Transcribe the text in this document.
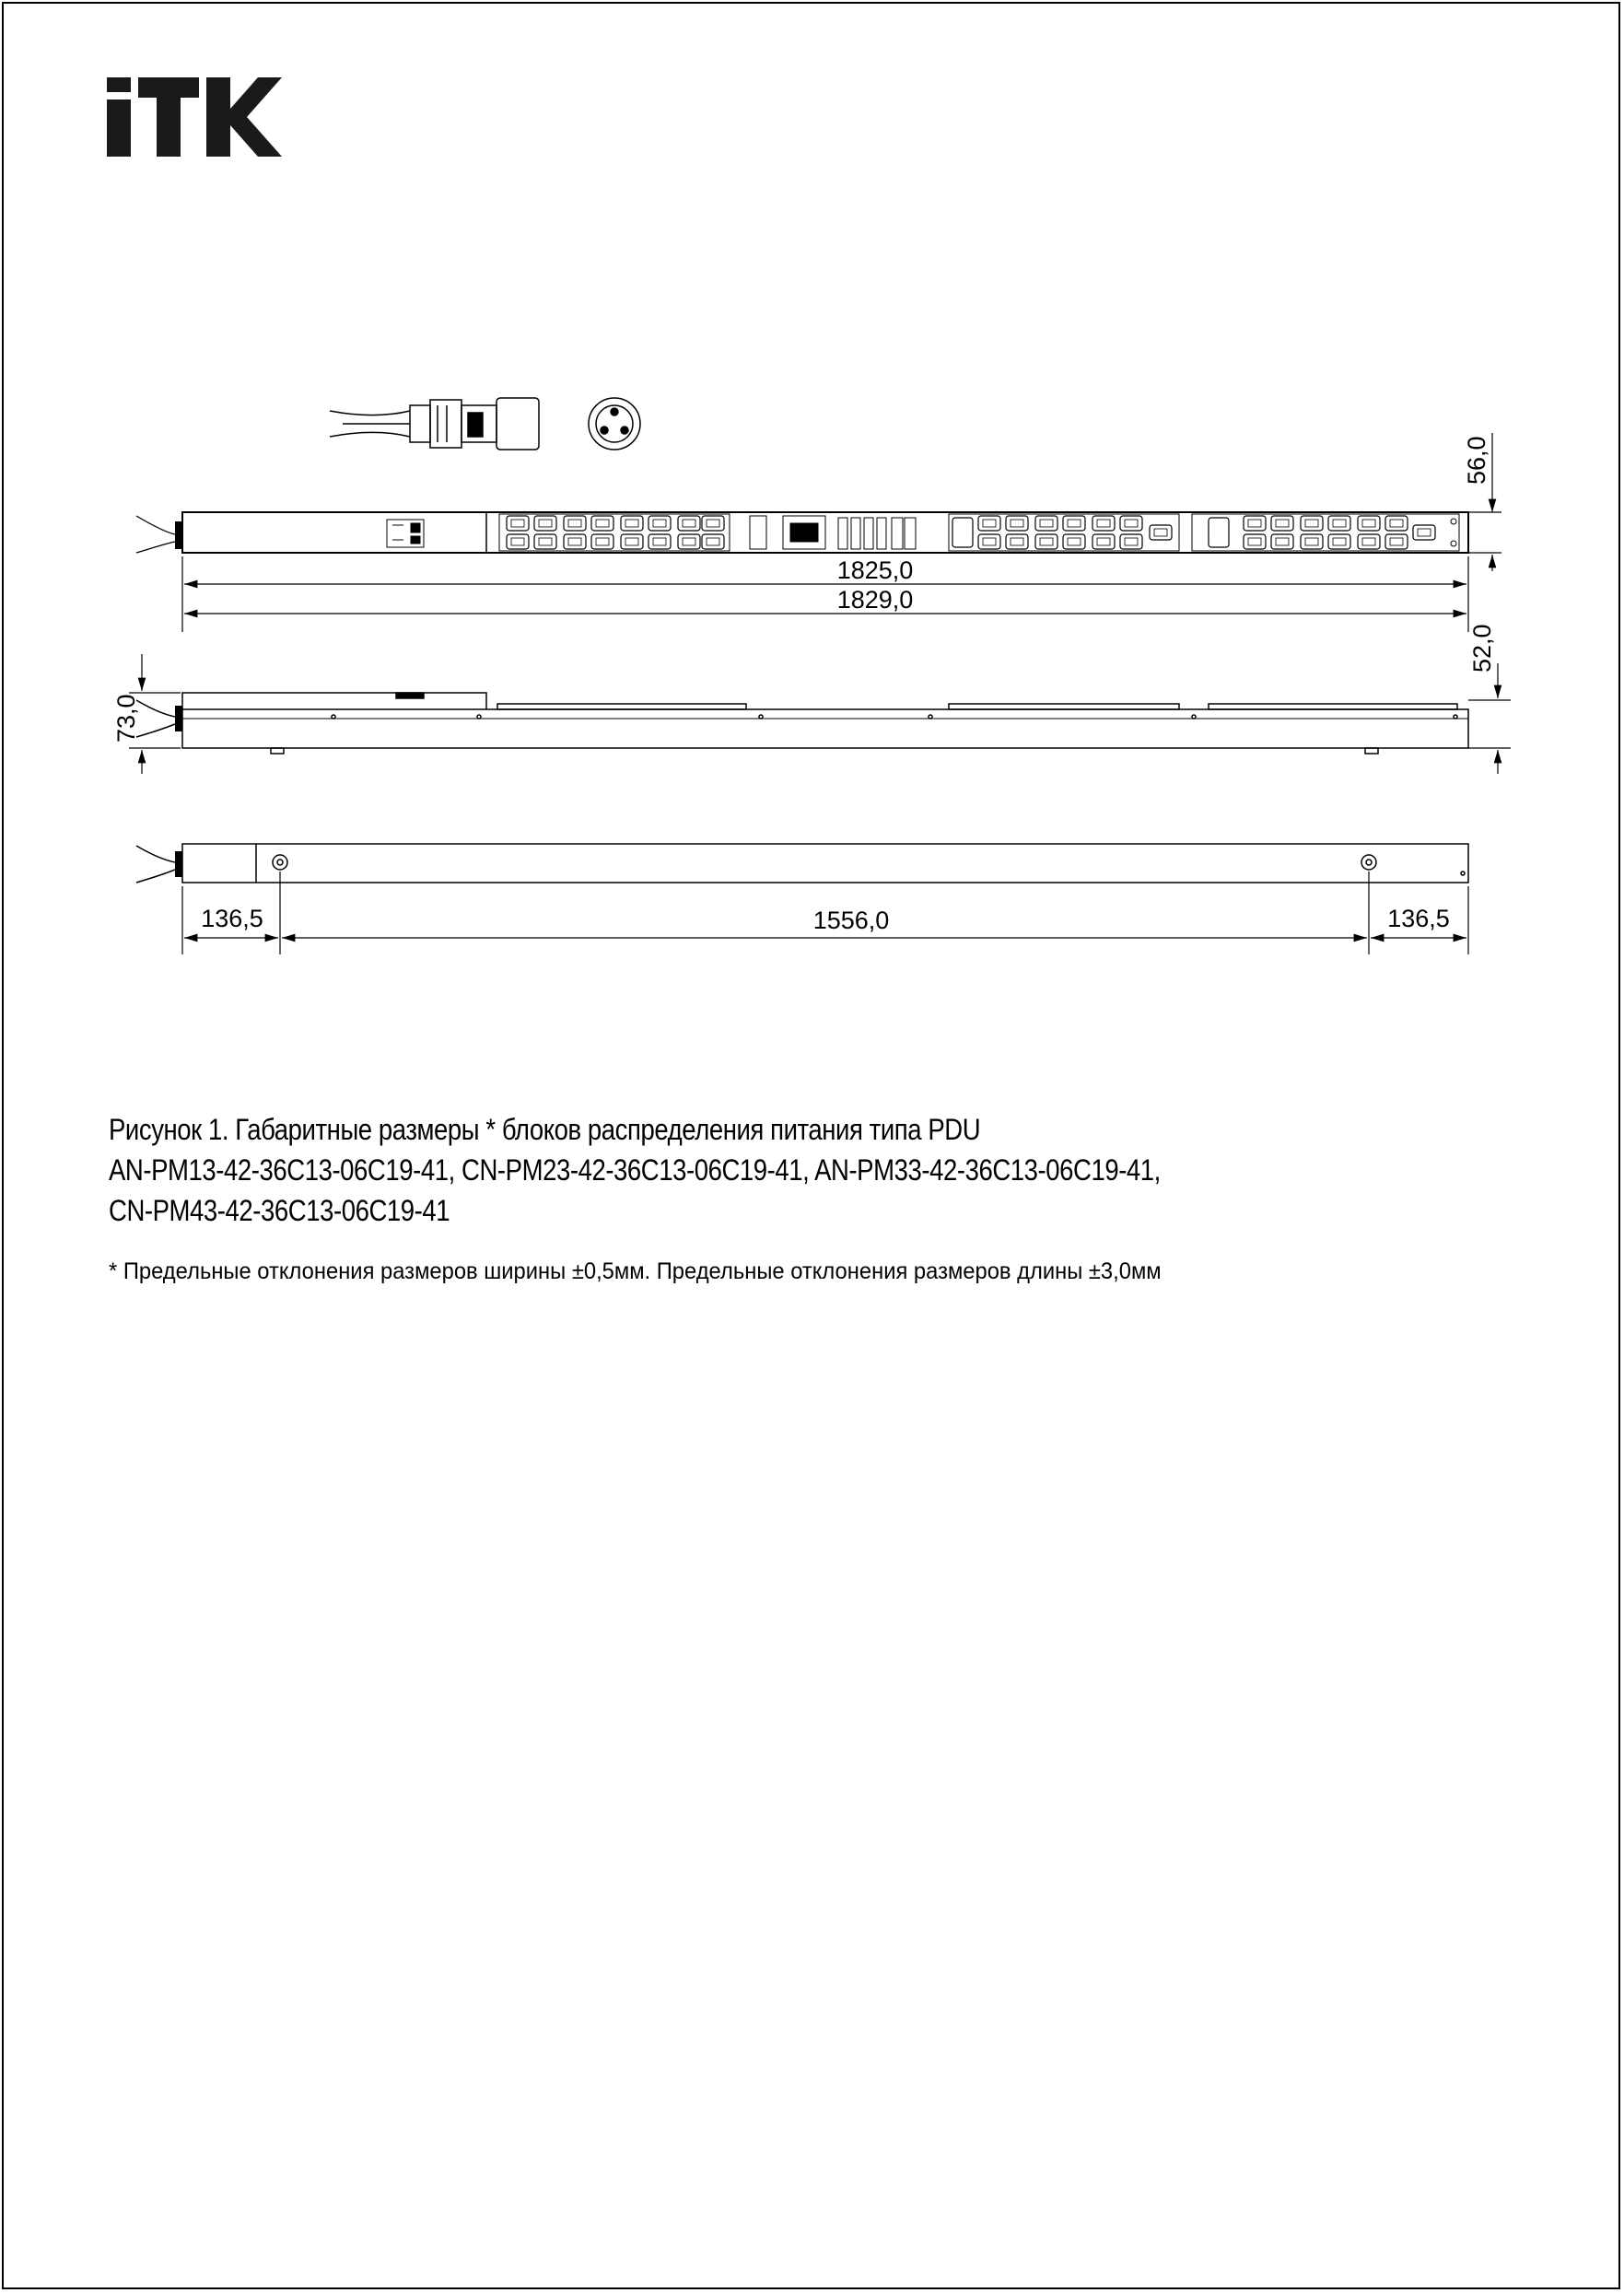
1825,0
1829,0
56,0
52,0
73,0
136,5	1556,0	136,5
Рисунок 1. Габаритные размеры * блоков распределения питания типа PDU
AN-PM13-42-36C13-06C19-41, CN-PM23-42-36C13-06C19-41, AN-PM33-42-36C13-06C19-41,
CN-PM43-42-36C13-06C19-41
* Предельные отклонения размеров ширины ±0,5мм. Предельные отклонения размеров длины ±3,0мм
